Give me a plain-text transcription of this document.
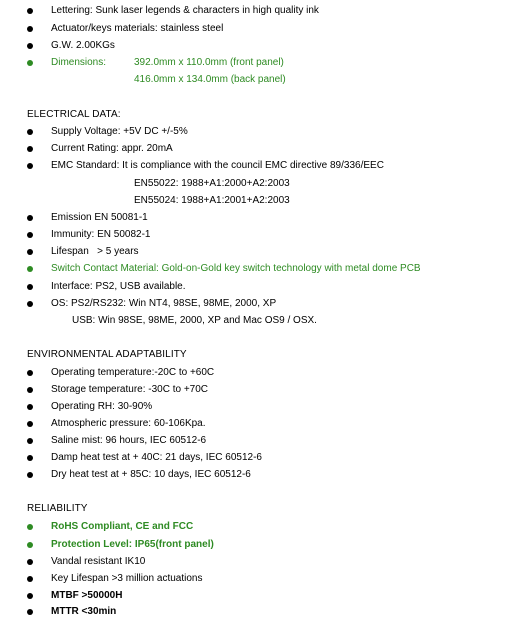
Lettering: Sunk laser legends & characters in high quality ink
Actuator/keys materials: stainless steel
G.W. 2.00KGs
Dimensions:	392.0mm x 110.0mm (front panel)
416.0mm x 134.0mm (back panel)
ELECTRICAL DATA:
Supply Voltage: +5V DC +/-5%
Current Rating: appr. 20mA
EMC Standard: It is compliance with the council EMC directive 89/336/EEC
EN55022: 1988+A1:2000+A2:2003
EN55024: 1988+A1:2001+A2:2003
Emission EN 50081-1
Immunity: EN 50082-1
Lifespan   > 5 years
Switch Contact Material: Gold-on-Gold key switch technology with metal dome PCB
Interface: PS2, USB available.
OS: PS2/RS232: Win NT4, 98SE, 98ME, 2000, XP
USB: Win 98SE, 98ME, 2000, XP and Mac OS9 / OSX.
ENVIRONMENTAL ADAPTABILITY
Operating temperature:-20C to +60C
Storage temperature: -30C to +70C
Operating RH: 30-90%
Atmospheric pressure: 60-106Kpa.
Saline mist: 96 hours, IEC 60512-6
Damp heat test at + 40C: 21 days, IEC 60512-6
Dry heat test at + 85C: 10 days, IEC 60512-6
RELIABILITY
RoHS Compliant, CE and FCC
Protection Level: IP65(front panel)
Vandal resistant IK10
Key Lifespan >3 million actuations
MTBF >50000H
MTTR <30min
